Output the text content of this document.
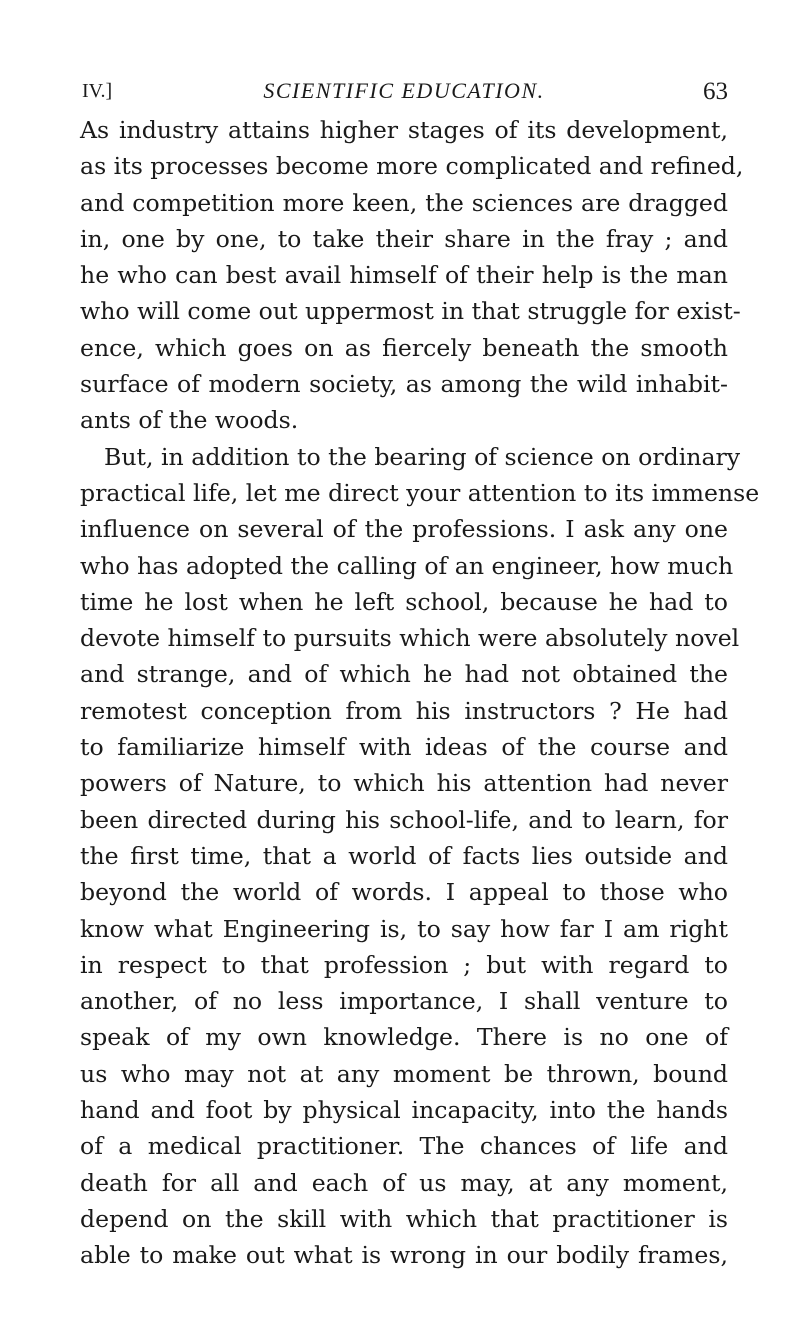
IV.]	SCIENTIFIC EDUCATION.	63
As industry attains higher stages of its development,
as its processes become more complicated and refined,
and competition more keen, the sciences are dragged
in, one by one, to take their share in the fray ; and
he who can best avail himself of their help is the man
who will come out uppermost in that struggle for exist-
ence, which goes on as fiercely beneath the smooth
surface of modern society, as among the wild inhabit-
ants of the woods.
But, in addition to the bearing of science on ordinary
practical life, let me direct your attention to its immense
influence on several of the professions. I ask any one
who has adopted the calling of an engineer, how much
time he lost when he left school, because he had to
devote himself to pursuits which were absolutely novel
and strange, and of which he had not obtained the
remotest conception from his instructors ? He had
to familiarize himself with ideas of the course and
powers of Nature, to which his attention had never
been directed during his school-life, and to learn, for
the first time, that a world of facts lies outside and
beyond the world of words. I appeal to those who
know what Engineering is, to say how far I am right
in respect to that profession ; but with regard to
another, of no less importance, I shall venture to
speak of my own knowledge. There is no one of
us who may not at any moment be thrown, bound
hand and foot by physical incapacity, into the hands
of a medical practitioner. The chances of life and
death for all and each of us may, at any moment,
depend on the skill with which that practitioner is
able to make out what is wrong in our bodily frames,
